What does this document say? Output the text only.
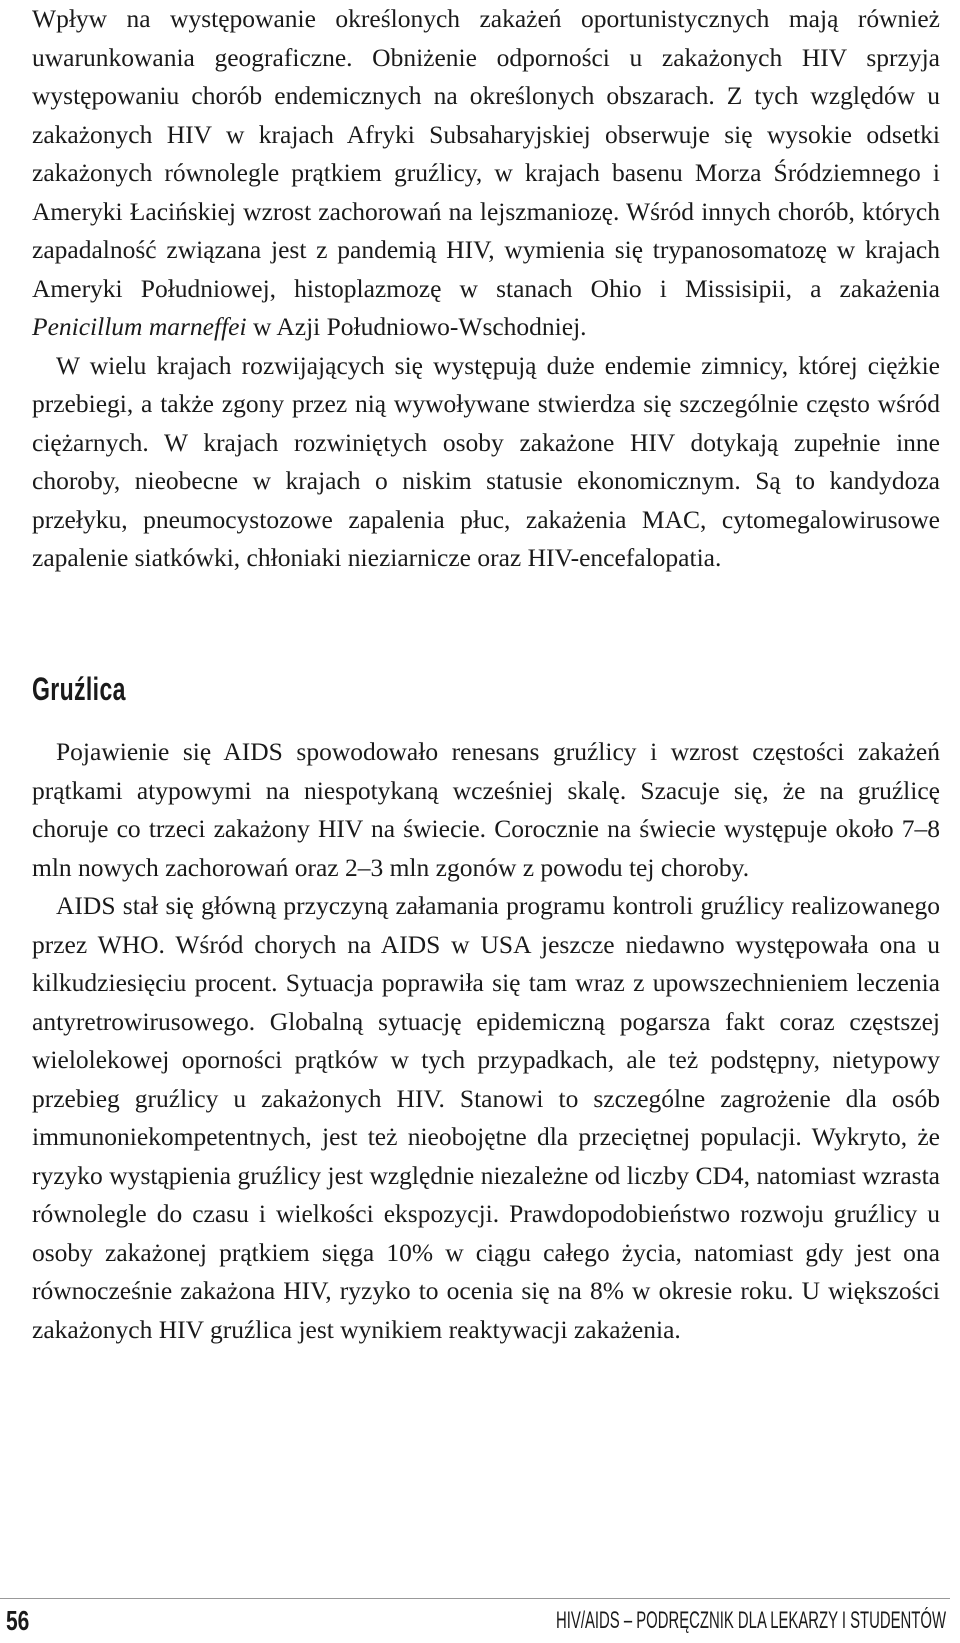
Wpływ na występowanie określonych zakażeń oportunistycznych mają również uwarunkowania geograficzne. Obniżenie odporności u zakażonych HIV sprzyja występowaniu chorób endemicznych na określonych obszarach. Z tych względów u zakażonych HIV w krajach Afryki Subsaharyjskiej obserwuje się wysokie odsetki zakażonych równolegle prątkiem gruźlicy, w krajach basenu Morza Śródziemnego i Ameryki Łacińskiej wzrost zachorowań na lejszmaniozę. Wśród innych chorób, których zapadalność związana jest z pandemią HIV, wymienia się trypanosomatozę w krajach Ameryki Południowej, histoplazmozę w stanach Ohio i Missisipii, a zakażenia Penicillum marneffei w Azji Południowo-Wschodniej.

W wielu krajach rozwijających się występują duże endemie zimnicy, której ciężkie przebiegi, a także zgony przez nią wywoływane stwierdza się szczególnie często wśród ciężarnych. W krajach rozwiniętych osoby zakażone HIV dotykają zupełnie inne choroby, nieobecne w krajach o niskim statusie ekonomicznym. Są to kandydoza przełyku, pneumocystozowe zapalenia płuc, zakażenia MAC, cytomegalowirusowe zapalenie siatkówki, chłoniaki nieziarnicze oraz HIV-encefalopatia.

Gruźlica

Pojawienie się AIDS spowodowało renesans gruźlicy i wzrost częstości zakażeń prątkami atypowymi na niespotykaną wcześniej skalę. Szacuje się, że na gruźlicę choruje co trzeci zakażony HIV na świecie. Corocznie na świecie występuje około 7–8 mln nowych zachorowań oraz 2–3 mln zgonów z powodu tej choroby.

AIDS stał się główną przyczyną załamania programu kontroli gruźlicy realizowanego przez WHO. Wśród chorych na AIDS w USA jeszcze niedawno występowała ona u kilkudziesięciu procent. Sytuacja poprawiła się tam wraz z upowszechnieniem leczenia antyretrowirusowego. Globalną sytuację epidemiczną pogarsza fakt coraz częstszej wielolekowej oporności prątków w tych przypadkach, ale też podstępny, nietypowy przebieg gruźlicy u zakażonych HIV. Stanowi to szczególne zagrożenie dla osób immunoniekompetentnych, jest też nieobojętne dla przeciętnej populacji. Wykryto, że ryzyko wystąpienia gruźlicy jest względnie niezależne od liczby CD4, natomiast wzrasta równolegle do czasu i wielkości ekspozycji. Prawdopodobieństwo rozwoju gruźlicy u osoby zakażonej prątkiem sięga 10% w ciągu całego życia, natomiast gdy jest ona równocześnie zakażona HIV, ryzyko to ocenia się na 8% w okresie roku. U większości zakażonych HIV gruźlica jest wynikiem reaktywacji zakażenia.

56	HIV/AIDS – PODRĘCZNIK DLA LEKARZY I STUDENTÓW
